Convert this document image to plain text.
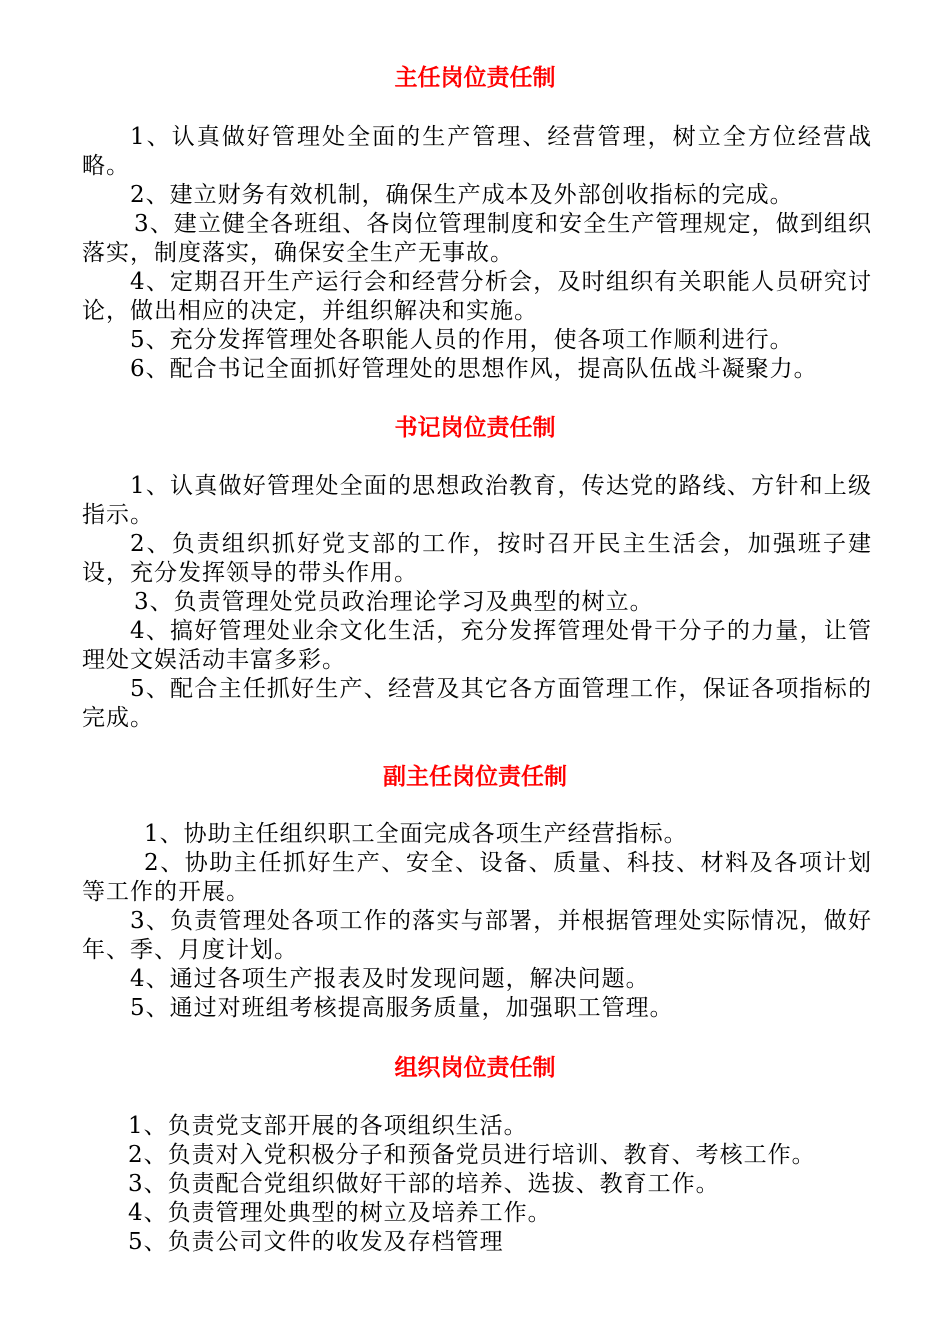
主任岗位责任制
1、认真做好管理处全面的生产管理、经营管理，树立全方位经营战略。
2、建立财务有效机制，确保生产成本及外部创收指标的完成。
3、建立健全各班组、各岗位管理制度和安全生产管理规定，做到组织落实，制度落实，确保安全生产无事故。
4、定期召开生产运行会和经营分析会，及时组织有关职能人员研究讨论，做出相应的决定，并组织解决和实施。
5、充分发挥管理处各职能人员的作用，使各项工作顺利进行。
6、配合书记全面抓好管理处的思想作风，提高队伍战斗凝聚力。
书记岗位责任制
1、认真做好管理处全面的思想政治教育，传达党的路线、方针和上级指示。
2、负责组织抓好党支部的工作，按时召开民主生活会，加强班子建设，充分发挥领导的带头作用。
3、负责管理处党员政治理论学习及典型的树立。
4、搞好管理处业余文化生活，充分发挥管理处骨干分子的力量，让管理处文娱活动丰富多彩。
5、配合主任抓好生产、经营及其它各方面管理工作，保证各项指标的完成。
副主任岗位责任制
1、协助主任组织职工全面完成各项生产经营指标。
2、协助主任抓好生产、安全、设备、质量、科技、材料及各项计划等工作的开展。
3、负责管理处各项工作的落实与部署，并根据管理处实际情况，做好年、季、月度计划。
4、通过各项生产报表及时发现问题，解决问题。
5、通过对班组考核提高服务质量，加强职工管理。
组织岗位责任制
1、负责党支部开展的各项组织生活。
2、负责对入党积极分子和预备党员进行培训、教育、考核工作。
3、负责配合党组织做好干部的培养、选拔、教育工作。
4、负责管理处典型的树立及培养工作。
5、负责公司文件的收发及存档管理
